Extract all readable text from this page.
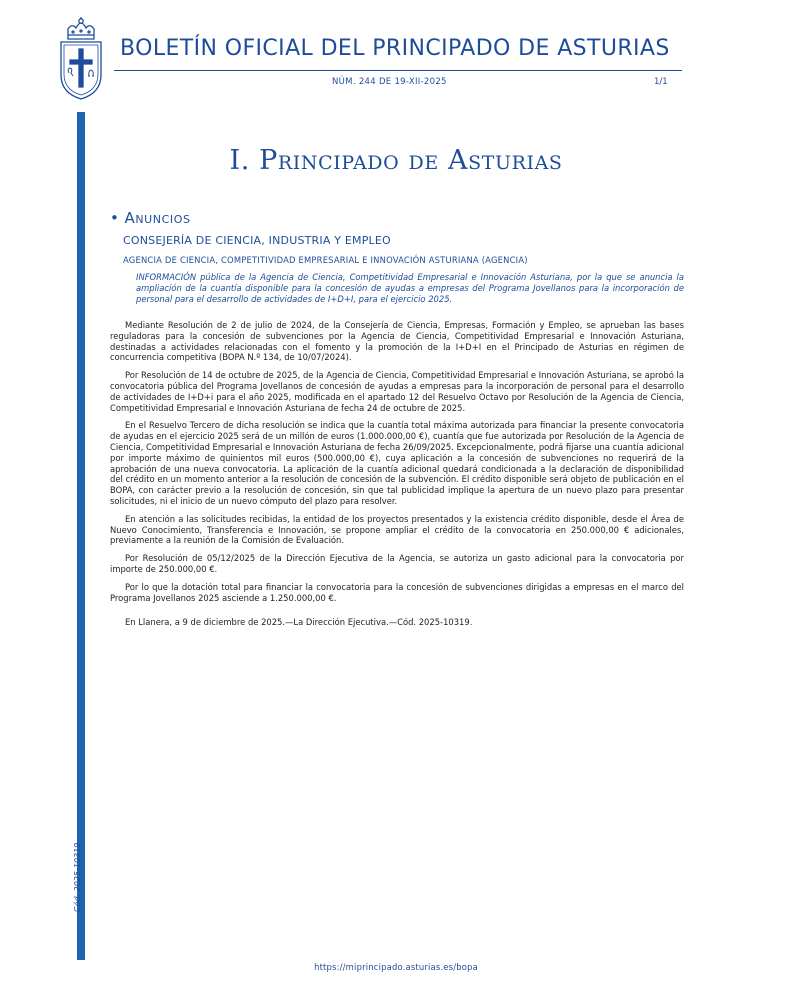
BOLETÍN OFICIAL DEL PRINCIPADO DE ASTURIAS
NÚM. 244 DE 19-XII-2025	1/1
Cód. 2025-10319
I. Principado de Asturias
• Anuncios
CONSEJERÍA DE CIENCIA, INDUSTRIA Y EMPLEO
AGENCIA DE CIENCIA, COMPETITIVIDAD EMPRESARIAL E INNOVACIÓN ASTURIANA (AGENCIA)

INFORMACIÓN pública de la Agencia de Ciencia, Competitividad Empresarial e Innovación Asturiana, por la que se anuncia la ampliación de la cuantía disponible para la concesión de ayudas a empresas del Programa Jovellanos para la incorporación de personal para el desarrollo de actividades de I+D+I, para el ejercicio 2025.

Mediante Resolución de 2 de julio de 2024, de la Consejería de Ciencia, Empresas, Formación y Empleo, se aprueban las bases reguladoras para la concesión de subvenciones por la Agencia de Ciencia, Competitividad Empresarial e Innovación Asturiana, destinadas a actividades relacionadas con el fomento y la promoción de la I+D+I en el Principado de Asturias en régimen de concurrencia competitiva (BOPA N.º 134, de 10/07/2024).

Por Resolución de 14 de octubre de 2025, de la Agencia de Ciencia, Competitividad Empresarial e Innovación Asturiana, se aprobó la convocatoria pública del Programa Jovellanos de concesión de ayudas a empresas para la incorporación de personal para el desarrollo de actividades de I+D+i para el año 2025, modificada en el apartado 12 del Resuelvo Octavo por Resolución de la Agencia de Ciencia, Competitividad Empresarial e Innovación Asturiana de fecha 24 de octubre de 2025.

En el Resuelvo Tercero de dicha resolución se indica que la cuantía total máxima autorizada para financiar la presente convocatoria de ayudas en el ejercicio 2025 será de un millón de euros (1.000.000,00 €), cuantía que fue autorizada por Resolución de la Agencia de Ciencia, Competitividad Empresarial e Innovación Asturiana de fecha 26/09/2025. Excepcionalmente, podrá fijarse una cuantía adicional por importe máximo de quinientos mil euros (500.000,00 €), cuya aplicación a la concesión de subvenciones no requerirá de la aprobación de una nueva convocatoria. La aplicación de la cuantía adicional quedará condicionada a la declaración de disponibilidad del crédito en un momento anterior a la resolución de concesión de la subvención. El crédito disponible será objeto de publicación en el BOPA, con carácter previo a la resolución de concesión, sin que tal publicidad implique la apertura de un nuevo plazo para presentar solicitudes, ni el inicio de un nuevo cómputo del plazo para resolver.

En atención a las solicitudes recibidas, la entidad de los proyectos presentados y la existencia crédito disponible, desde el Área de Nuevo Conocimiento, Transferencia e Innovación, se propone ampliar el crédito de la convocatoria en 250.000,00 € adicionales, previamente a la reunión de la Comisión de Evaluación.

Por Resolución de 05/12/2025 de la Dirección Ejecutiva de la Agencia, se autoriza un gasto adicional para la convocatoria por importe de 250.000,00 €.

Por lo que la dotación total para financiar la convocatoria para la concesión de subvenciones dirigidas a empresas en el marco del Programa Jovellanos 2025 asciende a 1.250.000,00 €.

En Llanera, a 9 de diciembre de 2025.—La Dirección Ejecutiva.—Cód. 2025-10319.

https://miprincipado.asturias.es/bopa
